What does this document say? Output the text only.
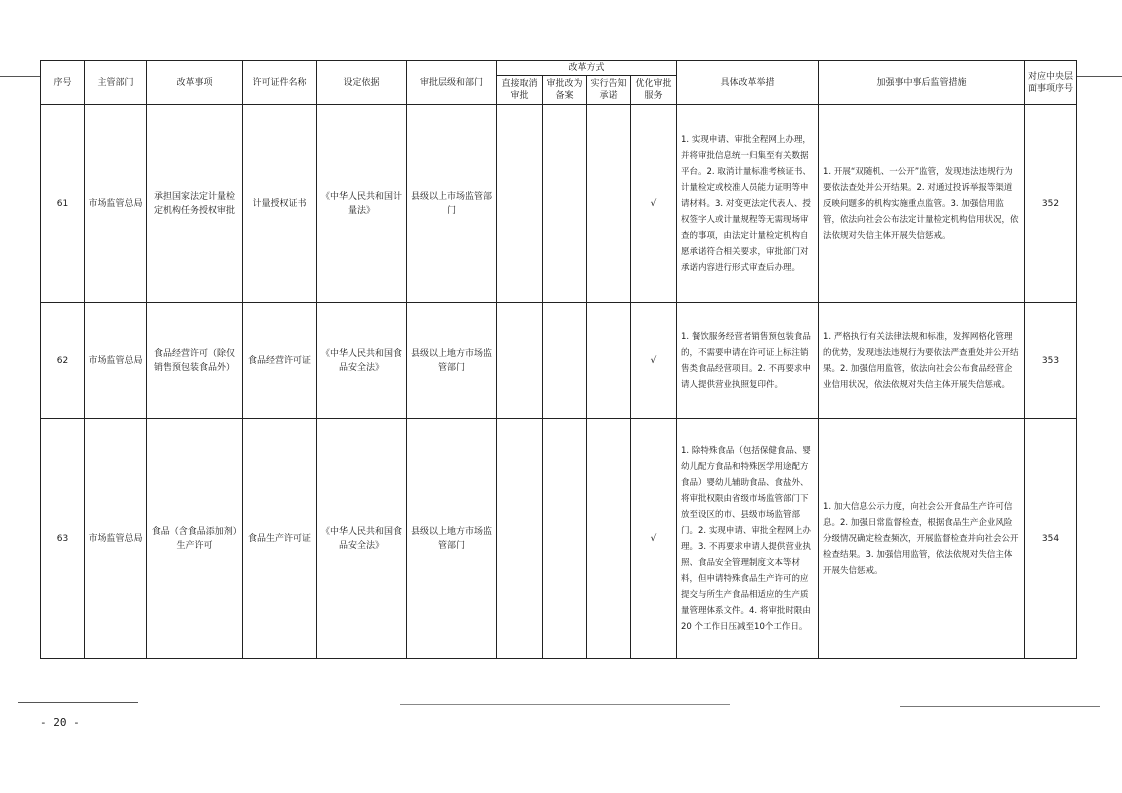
序号	主管部门	改革事项	许可证件名称	设定依据	审批层级和部门	改革方式				具体改革举措	加强事中事后监管措施	对应中央层面事项序号
						直接取消审批	审批改为备案	实行告知承诺	优化审批服务			
61	市场监管总局	承担国家法定计量检定机构任务授权审批	计量授权证书	《中华人民共和国计量法》	县级以上市场监管部门				√	1. 实现申请、审批全程网上办理，并将审批信息统一归集至有关数据平台。2. 取消计量标准考核证书、计量检定或校准人员能力证明等申请材料。3. 对变更法定代表人、授权签字人或计量规程等无需现场审查的事项，由法定计量检定机构自愿承诺符合相关要求，审批部门对承诺内容进行形式审查后办理。	1. 开展“双随机、一公开”监管，发现违法违规行为要依法查处并公开结果。2. 对通过投诉举报等渠道反映问题多的机构实施重点监管。3. 加强信用监管，依法向社会公布法定计量检定机构信用状况，依法依规对失信主体开展失信惩戒。	352
62	市场监管总局	食品经营许可（除仅销售预包装食品外）	食品经营许可证	《中华人民共和国食品安全法》	县级以上地方市场监管部门				√	1. 餐饮服务经营者销售预包装食品的，不需要申请在许可证上标注销售类食品经营项目。2. 不再要求申请人提供营业执照复印件。	1. 严格执行有关法律法规和标准，发挥网格化管理的优势，发现违法违规行为要依法严查重处并公开结果。2. 加强信用监管，依法向社会公布食品经营企业信用状况，依法依规对失信主体开展失信惩戒。	353
63	市场监管总局	食品（含食品添加剂）生产许可	食品生产许可证	《中华人民共和国食品安全法》	县级以上地方市场监管部门				√	1. 除特殊食品（包括保健食品、婴幼儿配方食品和特殊医学用途配方食品）婴幼儿辅助食品、食盐外、将审批权限由省级市场监管部门下放至设区的市、县级市场监管部门。2. 实现申请、审批全程网上办理。3. 不再要求申请人提供营业执照、食品安全管理制度文本等材料，但申请特殊食品生产许可的应提交与所生产食品相适应的生产质量管理体系文件。4. 将审批时限由 20 个工作日压减至10个工作日。	1. 加大信息公示力度，向社会公开食品生产许可信息。2. 加强日常监督检查，根据食品生产企业风险分级情况确定检查频次，开展监督检查并向社会公开检查结果。3. 加强信用监管，依法依规对失信主体开展失信惩戒。	354
- 20 -
